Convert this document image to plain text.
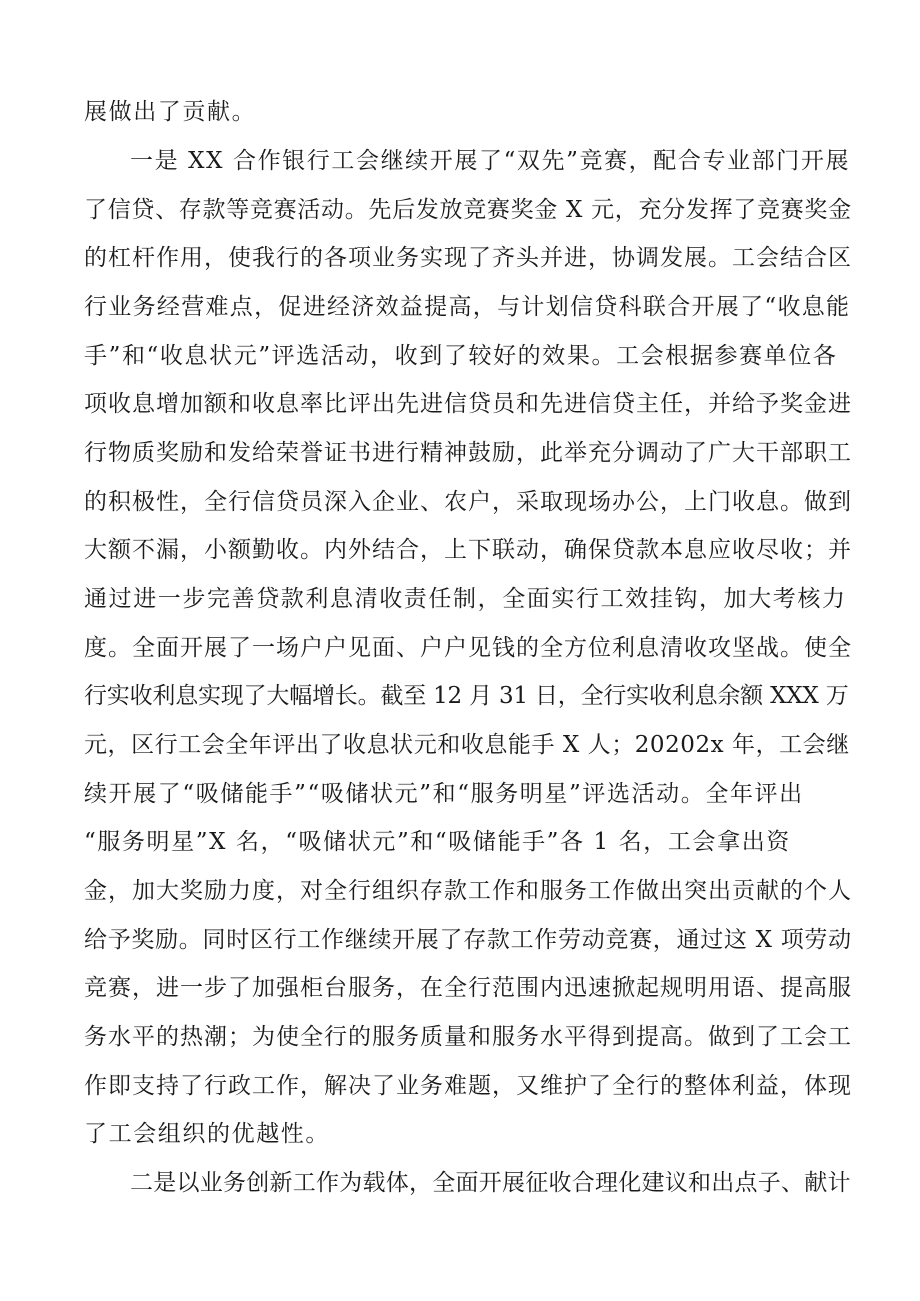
展做出了贡献。
一是 XX 合作银行工会继续开展了“双先”竞赛，配合专业部门开展
了信贷、存款等竞赛活动。先后发放竞赛奖金 X 元，充分发挥了竞赛奖金
的杠杆作用，使我行的各项业务实现了齐头并进，协调发展。工会结合区
行业务经营难点，促进经济效益提高，与计划信贷科联合开展了“收息能
手”和“收息状元”评选活动，收到了较好的效果。工会根据参赛单位各
项收息增加额和收息率比评出先进信贷员和先进信贷主任，并给予奖金进
行物质奖励和发给荣誉证书进行精神鼓励，此举充分调动了广大干部职工
的积极性，全行信贷员深入企业、农户，采取现场办公，上门收息。做到
大额不漏，小额勤收。内外结合，上下联动，确保贷款本息应收尽收；并
通过进一步完善贷款利息清收责任制，全面实行工效挂钩，加大考核力
度。全面开展了一场户户见面、户户见钱的全方位利息清收攻坚战。使全
行实收利息实现了大幅增长。截至 12 月 31 日，全行实收利息余额 XXX 万
元，区行工会全年评出了收息状元和收息能手 X 人；20202x 年，工会继
续开展了“吸储能手”“吸储状元”和“服务明星”评选活动。全年评出
“服务明星”X 名，“吸储状元”和“吸储能手”各 1 名，工会拿出资
金，加大奖励力度，对全行组织存款工作和服务工作做出突出贡献的个人
给予奖励。同时区行工作继续开展了存款工作劳动竞赛，通过这 X 项劳动
竞赛，进一步了加强柜台服务，在全行范围内迅速掀起规明用语、提高服
务水平的热潮；为使全行的服务质量和服务水平得到提高。做到了工会工
作即支持了行政工作，解决了业务难题，又维护了全行的整体利益，体现
了工会组织的优越性。
二是以业务创新工作为载体，全面开展征收合理化建议和出点子、献计
